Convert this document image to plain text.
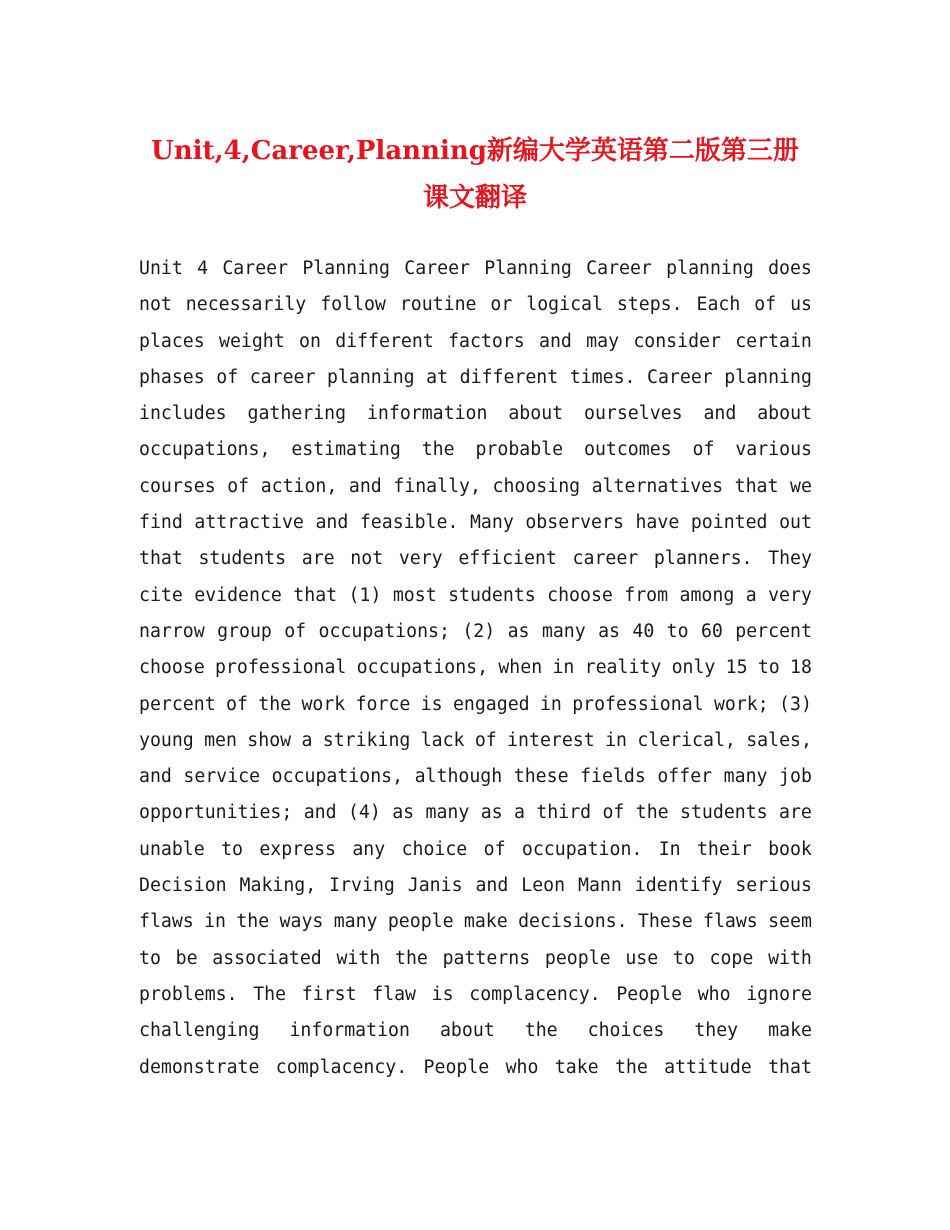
Unit,4,Career,Planning新编大学英语第二版第三册
课文翻译
Unit 4 Career Planning Career Planning Career planning does
not necessarily follow routine or logical steps. Each of us
places weight on different factors and may consider certain
phases of career planning at different times. Career planning
includes gathering information about ourselves and about
occupations, estimating the probable outcomes of various
courses of action, and finally, choosing alternatives that we
find attractive and feasible. Many observers have pointed out
that students are not very efficient career planners. They
cite evidence that (1) most students choose from among a very
narrow group of occupations; (2) as many as 40 to 60 percent
choose professional occupations, when in reality only 15 to 18
percent of the work force is engaged in professional work; (3)
young men show a striking lack of interest in clerical, sales,
and service occupations, although these fields offer many job
opportunities; and (4) as many as a third of the students are
unable to express any choice of occupation. In their book
Decision Making, Irving Janis and Leon Mann identify serious
flaws in the ways many people make decisions. These flaws seem
to be associated with the patterns people use to cope with
problems. The first flaw is complacency. People who ignore
challenging information about the choices they make
demonstrate complacency. People who take the attitude that
